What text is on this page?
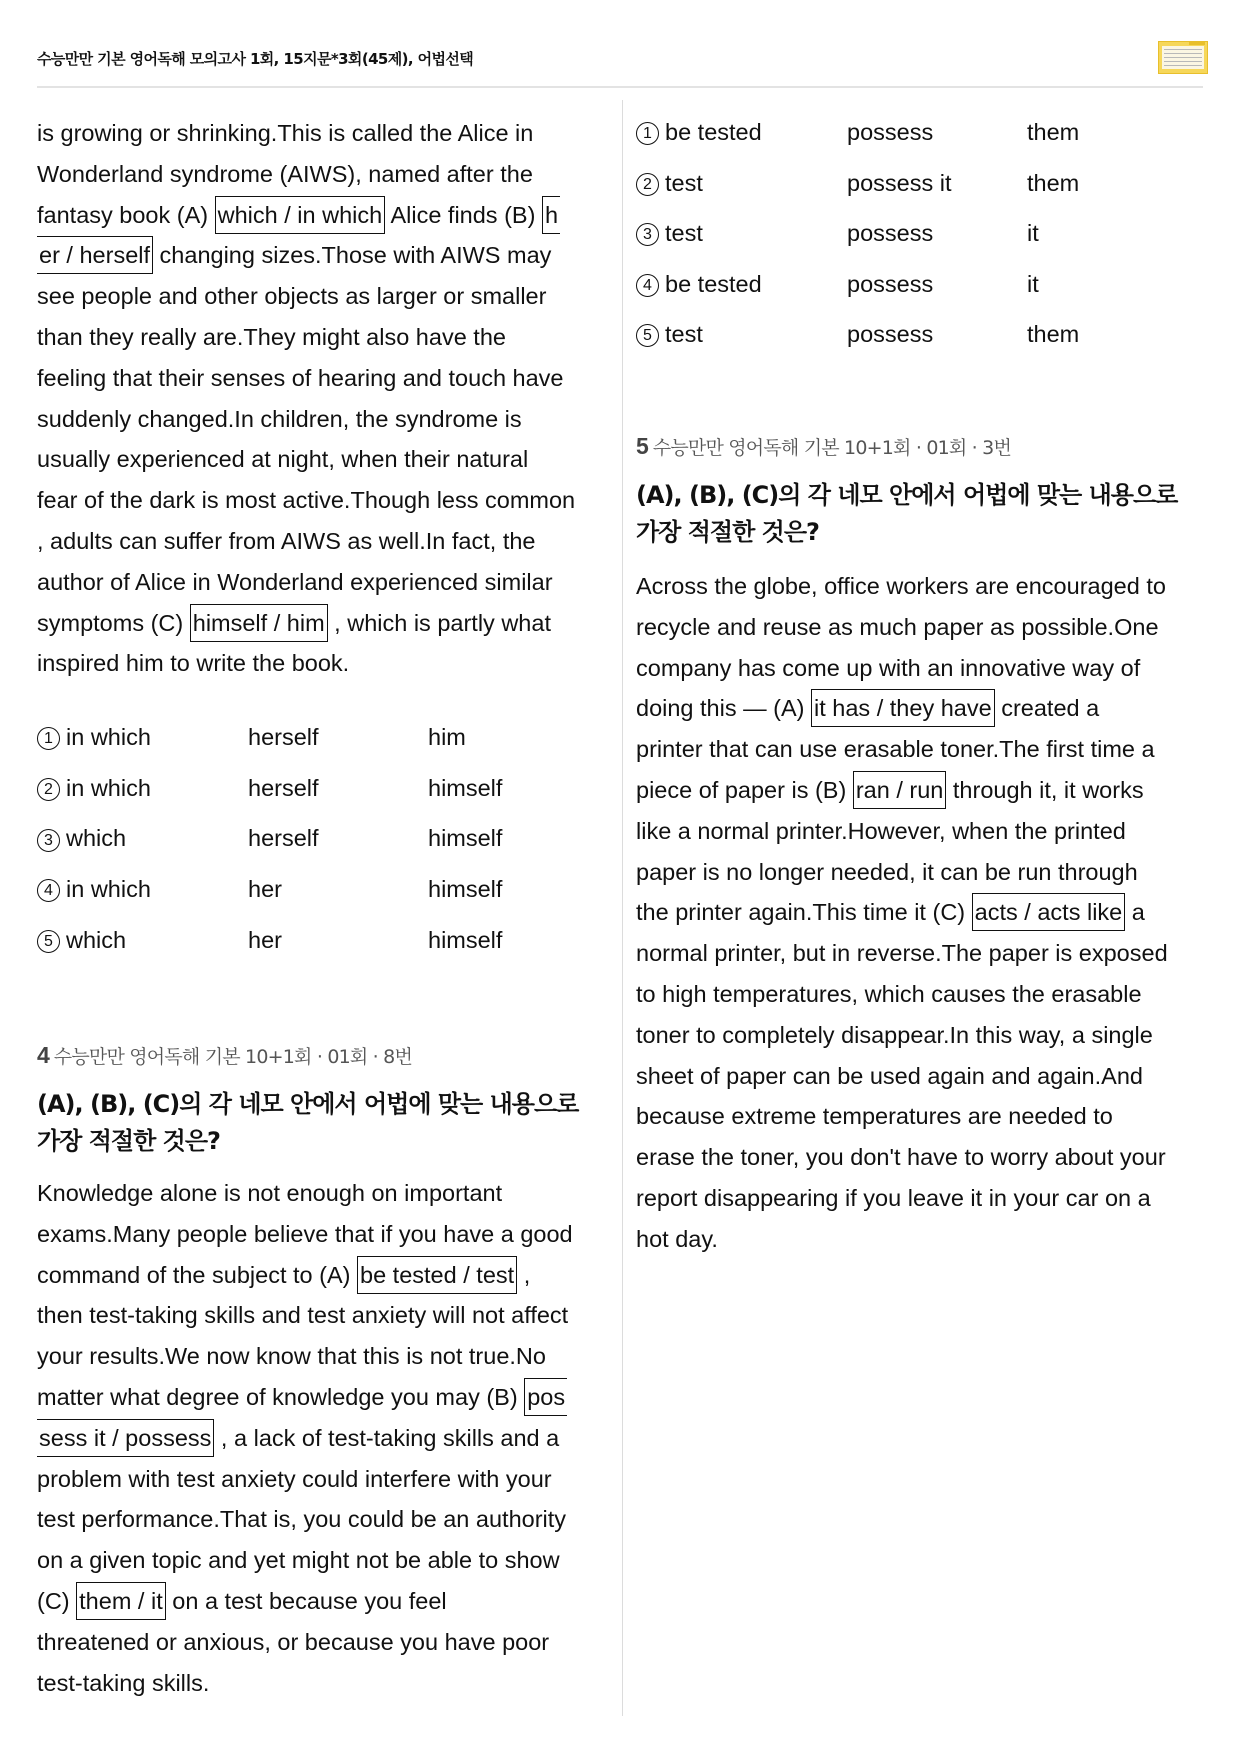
수능만만 기본 영어독해 모의고사 1회, 15지문*3회(45제), 어법선택
is growing or shrinking.This is called the Alice in
Wonderland syndrome (AIWS), named after the
fantasy book (A) which / in which Alice finds (B) h
er / herself changing sizes.Those with AIWS may
see people and other objects as larger or smaller
than they really are.They might also have the
feeling that their senses of hearing and touch have
suddenly changed.In children, the syndrome is
usually experienced at night, when their natural
fear of the dark is most active.Though less common
, adults can suffer from AIWS as well.In fact, the
author of Alice in Wonderland experienced similar
symptoms (C) himself / him , which is partly what
inspired him to write the book.
1 in which	herself	him
2 in which	herself	himself
3 which	herself	himself
4 in which	her	himself
5 which	her	himself
4 수능만만 영어독해 기본 10+1회 · 01회 · 8번
(A), (B), (C)의 각 네모 안에서 어법에 맞는 내용으로
가장 적절한 것은?
Knowledge alone is not enough on important
exams.Many people believe that if you have a good
command of the subject to (A) be tested / test ,
then test-taking skills and test anxiety will not affect
your results.We now know that this is not true.No
matter what degree of knowledge you may (B) pos
sess it / possess , a lack of test-taking skills and a
problem with test anxiety could interfere with your
test performance.That is, you could be an authority
on a given topic and yet might not be able to show
(C) them / it on a test because you feel
threatened or anxious, or because you have poor
test-taking skills.
1 be tested	possess	them
2 test	possess it	them
3 test	possess	it
4 be tested	possess	it
5 test	possess	them
5 수능만만 영어독해 기본 10+1회 · 01회 · 3번
(A), (B), (C)의 각 네모 안에서 어법에 맞는 내용으로
가장 적절한 것은?
Across the globe, office workers are encouraged to
recycle and reuse as much paper as possible.One
company has come up with an innovative way of
doing this — (A) it has / they have created a
printer that can use erasable toner.The first time a
piece of paper is (B) ran / run through it, it works
like a normal printer.However, when the printed
paper is no longer needed, it can be run through
the printer again.This time it (C) acts / acts like a
normal printer, but in reverse.The paper is exposed
to high temperatures, which causes the erasable
toner to completely disappear.In this way, a single
sheet of paper can be used again and again.And
because extreme temperatures are needed to
erase the toner, you don't have to worry about your
report disappearing if you leave it in your car on a
hot day.
